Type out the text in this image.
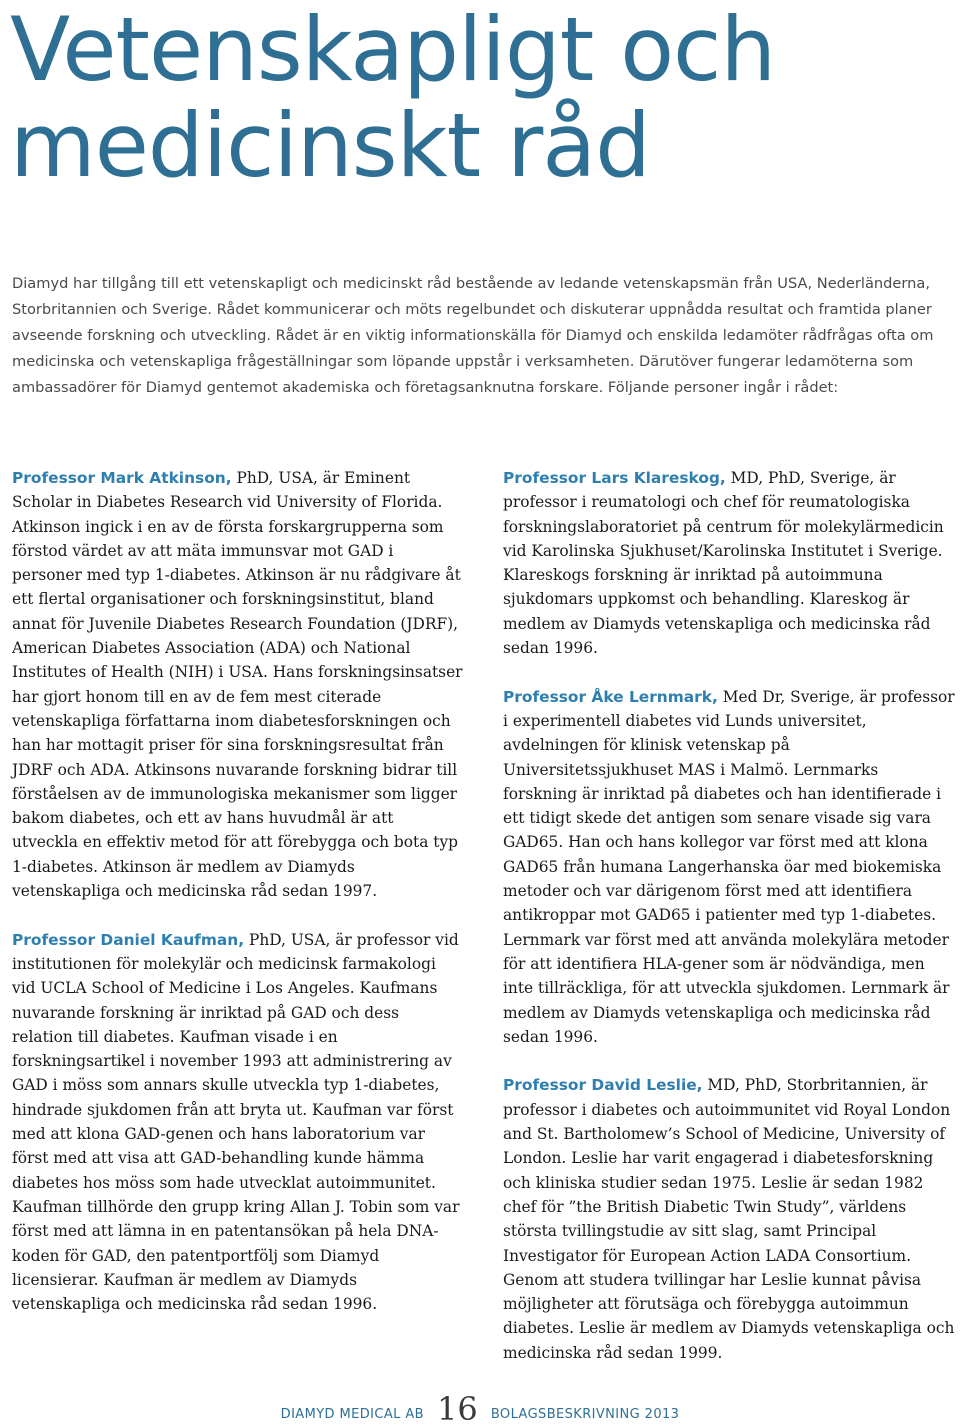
Vetenskapligt och medicinskt råd

Diamyd har tillgång till ett vetenskapligt och medicinskt råd bestående av ledande vetenskapsmän från USA, Nederländerna, Storbritannien och Sverige. Rådet kommunicerar och möts regelbundet och diskuterar uppnådda resultat och framtida planer avseende forskning och utveckling. Rådet är en viktig informationskälla för Diamyd och enskilda ledamöter rådfrågas ofta om medicinska och vetenskapliga frågeställningar som löpande uppstår i verksamheten. Därutöver fungerar ledamöterna som ambassadörer för Diamyd gentemot akademiska och företagsanknutna forskare. Följande personer ingår i rådet:

Professor Mark Atkinson, PhD, USA, är Eminent Scholar in Diabetes Research vid University of Florida. Atkinson ingick i en av de första forskargrupperna som förstod värdet av att mäta immunsvar mot GAD i personer med typ 1-diabetes. Atkinson är nu rådgivare åt ett flertal organisationer och forskningsinstitut, bland annat för Juvenile Diabetes Research Foundation (JDRF), American Diabetes Association (ADA) och National Institutes of Health (NIH) i USA. Hans forskningsinsatser har gjort honom till en av de fem mest citerade vetenskapliga författarna inom diabetesforskningen och han har mottagit priser för sina forskningsresultat från JDRF och ADA. Atkinsons nuvarande forskning bidrar till förståelsen av de immunologiska mekanismer som ligger bakom diabetes, och ett av hans huvudmål är att utveckla en effektiv metod för att förebygga och bota typ 1-diabetes. Atkinson är medlem av Diamyds vetenskapliga och medicinska råd sedan 1997.

Professor Daniel Kaufman, PhD, USA, är professor vid institutionen för molekylär och medicinsk farmakologi vid UCLA School of Medicine i Los Angeles. Kaufmans nuvarande forskning är inriktad på GAD och dess relation till diabetes. Kaufman visade i en forskningsartikel i november 1993 att administrering av GAD i möss som annars skulle utveckla typ 1-diabetes, hindrade sjukdomen från att bryta ut. Kaufman var först med att klona GAD-genen och hans laboratorium var först med att visa att GAD-behandling kunde hämma diabetes hos möss som hade utvecklat autoimmunitet. Kaufman tillhörde den grupp kring Allan J. Tobin som var först med att lämna in en patentansökan på hela DNA-koden för GAD, den patentportfölj som Diamyd licensierar. Kaufman är medlem av Diamyds vetenskapliga och medicinska råd sedan 1996.

Professor Lars Klareskog, MD, PhD, Sverige, är professor i reumatologi och chef för reumatologiska forskningslaboratoriet på centrum för molekylärmedicin vid Karolinska Sjukhuset/Karolinska Institutet i Sverige. Klareskogs forskning är inriktad på autoimmuna sjukdomars uppkomst och behandling. Klareskog är medlem av Diamyds vetenskapliga och medicinska råd sedan 1996.

Professor Åke Lernmark, Med Dr, Sverige, är professor i experimentell diabetes vid Lunds universitet, avdelningen för klinisk vetenskap på Universitetssjukhuset MAS i Malmö. Lernmarks forskning är inriktad på diabetes och han identifierade i ett tidigt skede det antigen som senare visade sig vara GAD65. Han och hans kollegor var först med att klona GAD65 från humana Langerhanska öar med biokemiska metoder och var därigenom först med att identifiera antikroppar mot GAD65 i patienter med typ 1-diabetes. Lernmark var först med att använda molekylära metoder för att identifiera HLA-gener som är nödvändiga, men inte tillräckliga, för att utveckla sjukdomen. Lernmark är medlem av Diamyds vetenskapliga och medicinska råd sedan 1996.

Professor David Leslie, MD, PhD, Storbritannien, är professor i diabetes och autoimmunitet vid Royal London and St. Bartholomew’s School of Medicine, University of London. Leslie har varit engagerad i diabetesforskning och kliniska studier sedan 1975. Leslie är sedan 1982 chef för ”the British Diabetic Twin Study”, världens största tvillingstudie av sitt slag, samt Principal Investigator för European Action LADA Consortium. Genom att studera tvillingar har Leslie kunnat påvisa möjligheter att förutsäga och förebygga autoimmun diabetes. Leslie är medlem av Diamyds vetenskapliga och medicinska råd sedan 1999.

DIAMYD MEDICAL AB 16 BOLAGSBESKRIVNING 2013
